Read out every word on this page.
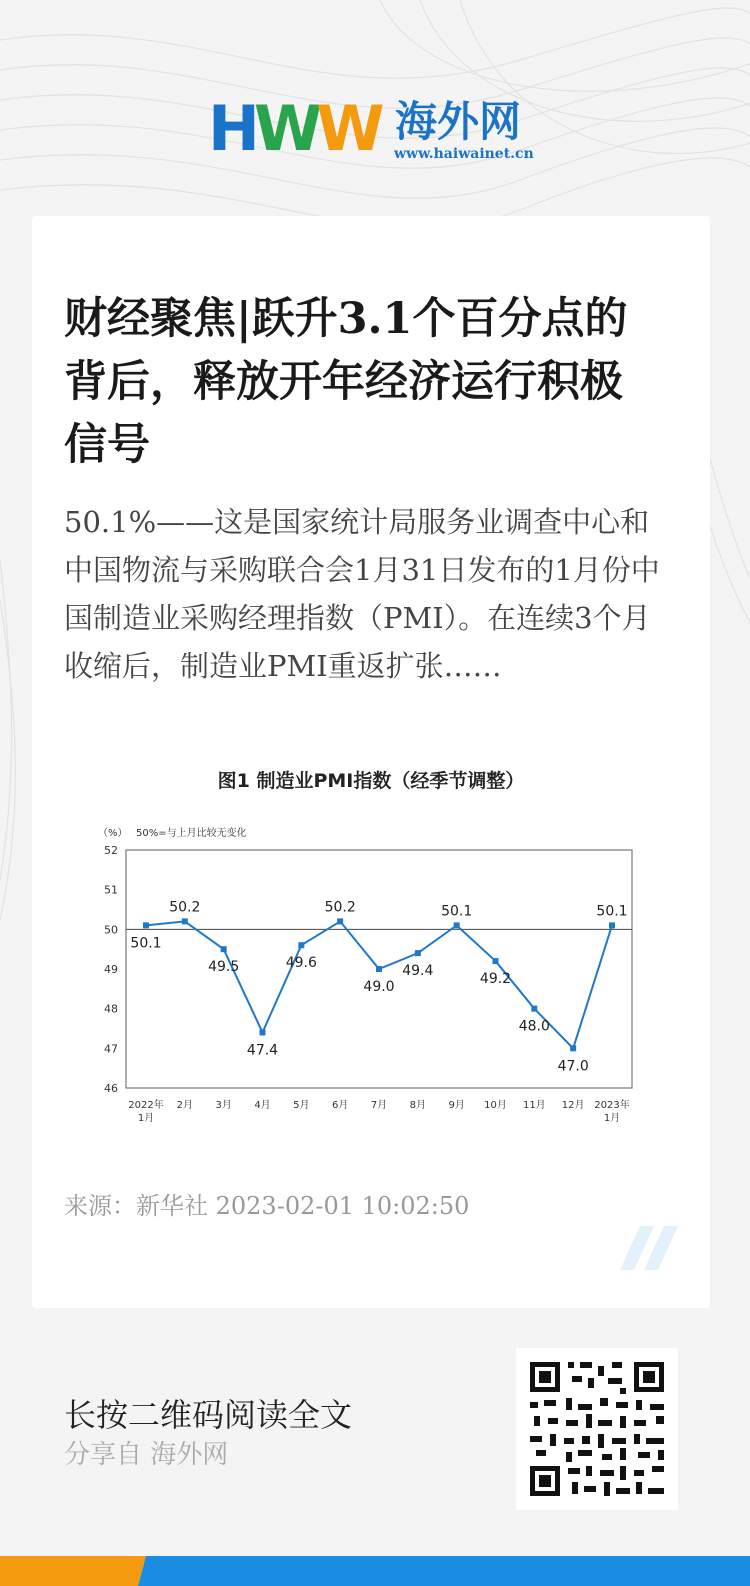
HWW 海外网
www.haiwainet.cn
财经聚焦|跃升3.1个百分点的背后，释放开年经济运行积极信号
50.1%——这是国家统计局服务业调查中心和中国物流与采购联合会1月31日发布的1月份中国制造业采购经理指数（PMI）。在连续3个月收缩后，制造业PMI重返扩张……
图1 制造业PMI指数（经季节调整）
（%） 50%=与上月比较无变化
46
47
48
49
50
51
52
2022年 1月
2月 3月 4月 5月 6月 7月 8月 9月 10月 11月 12月 2023年 1月
50.1
50.2
49.5
47.4
49.6
50.2
49.0
49.4
50.1
49.2
48.0
47.0
50.1
来源：新华社 2023-02-01 10:02:50
长按二维码阅读全文
分享自 海外网
